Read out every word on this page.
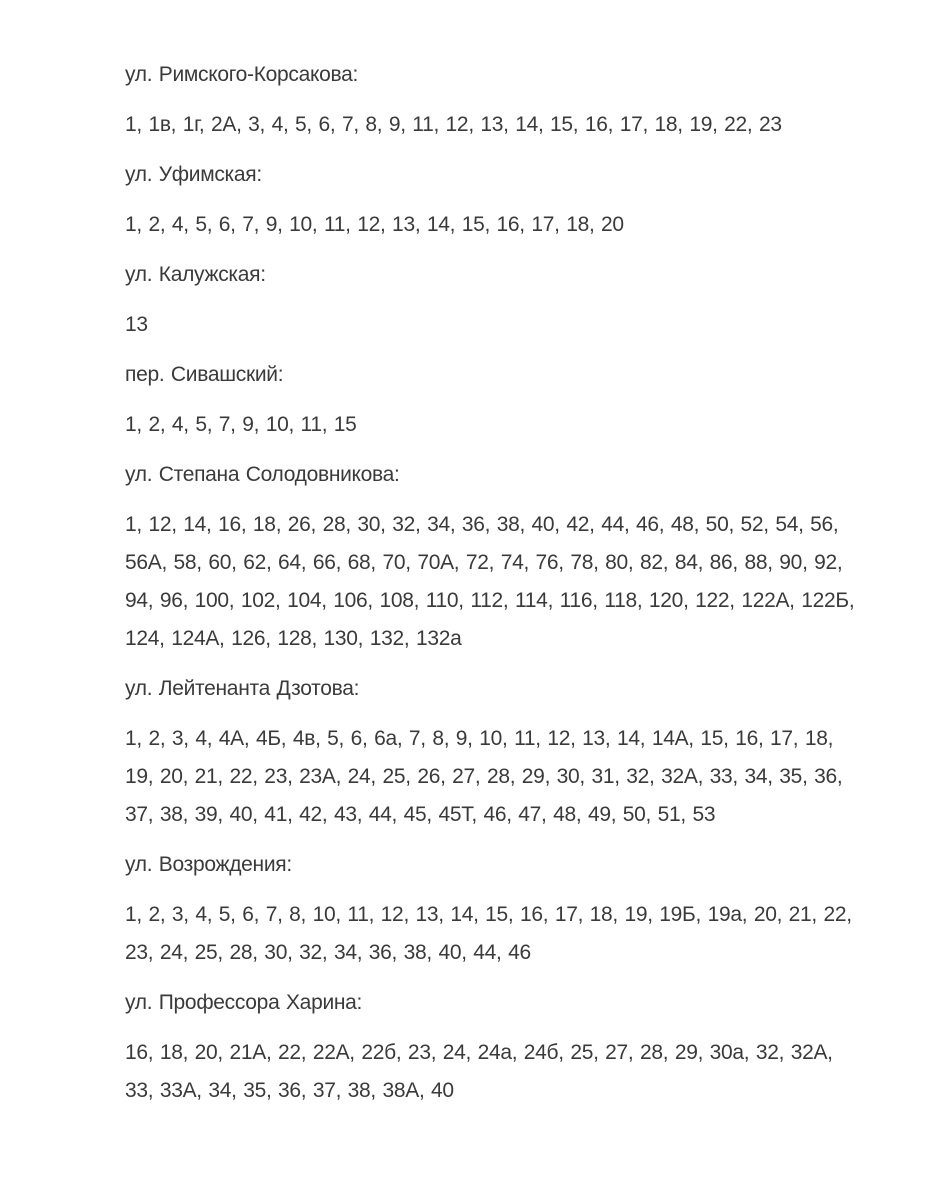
ул. Римского-Корсакова:

1, 1в, 1г, 2А, 3, 4, 5, 6, 7, 8, 9, 11, 12, 13, 14, 15, 16, 17, 18, 19, 22, 23

ул. Уфимская:

1, 2, 4, 5, 6, 7, 9, 10, 11, 12, 13, 14, 15, 16, 17, 18, 20

ул. Калужская:

13

пер. Сивашский:

1, 2, 4, 5, 7, 9, 10, 11, 15

ул. Степана Солодовникова:

1, 12, 14, 16, 18, 26, 28, 30, 32, 34, 36, 38, 40, 42, 44, 46, 48, 50, 52, 54, 56, 56А, 58, 60, 62, 64, 66, 68, 70, 70А, 72, 74, 76, 78, 80, 82, 84, 86, 88, 90, 92, 94, 96, 100, 102, 104, 106, 108, 110, 112, 114, 116, 118, 120, 122, 122А, 122Б, 124, 124А, 126, 128, 130, 132, 132а

ул. Лейтенанта Дзотова:

1, 2, 3, 4, 4А, 4Б, 4в, 5, 6, 6а, 7, 8, 9, 10, 11, 12, 13, 14, 14А, 15, 16, 17, 18, 19, 20, 21, 22, 23, 23А, 24, 25, 26, 27, 28, 29, 30, 31, 32, 32А, 33, 34, 35, 36, 37, 38, 39, 40, 41, 42, 43, 44, 45, 45Т, 46, 47, 48, 49, 50, 51, 53

ул. Возрождения:

1, 2, 3, 4, 5, 6, 7, 8, 10, 11, 12, 13, 14, 15, 16, 17, 18, 19, 19Б, 19а, 20, 21, 22, 23, 24, 25, 28, 30, 32, 34, 36, 38, 40, 44, 46

ул. Профессора Харина:

16, 18, 20, 21А, 22, 22А, 22б, 23, 24, 24а, 24б, 25, 27, 28, 29, 30а, 32, 32А, 33, 33А, 34, 35, 36, 37, 38, 38А, 40
